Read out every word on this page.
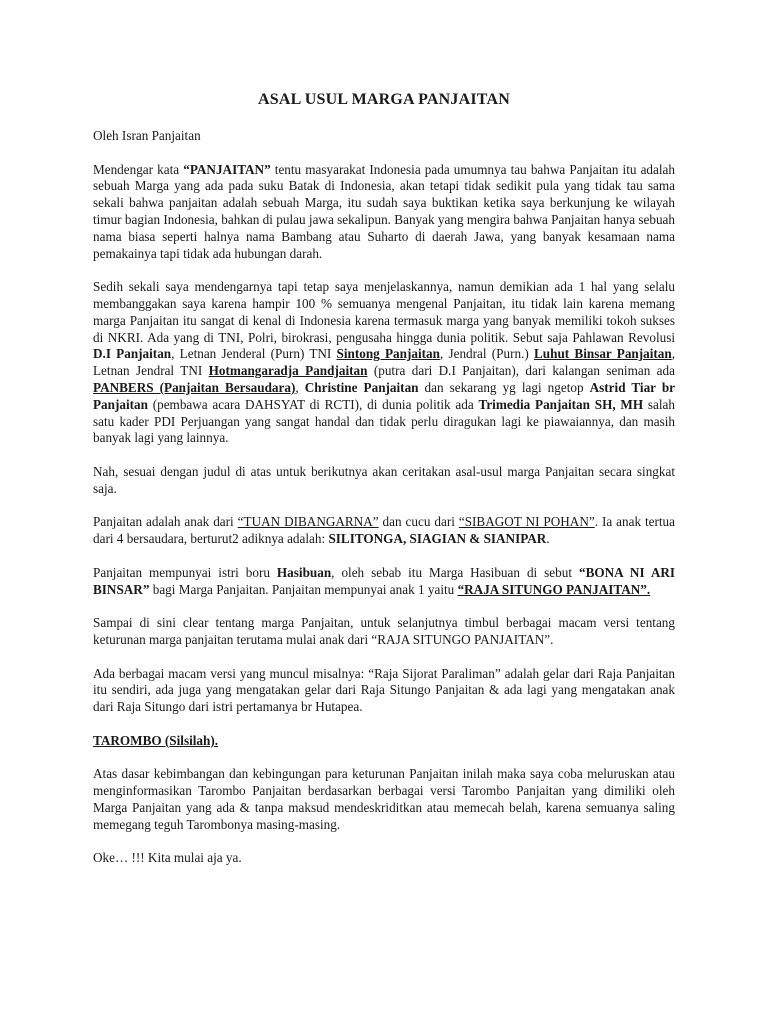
ASAL USUL MARGA PANJAITAN

Oleh Isran Panjaitan

Mendengar kata “PANJAITAN” tentu masyarakat Indonesia pada umumnya tau bahwa Panjaitan itu adalah sebuah Marga yang ada pada suku Batak di Indonesia, akan tetapi tidak sedikit pula yang tidak tau sama sekali bahwa panjaitan adalah sebuah Marga, itu sudah saya buktikan ketika saya berkunjung ke wilayah timur bagian Indonesia, bahkan di pulau jawa sekalipun. Banyak yang mengira bahwa Panjaitan hanya sebuah nama biasa seperti halnya nama Bambang atau Suharto di daerah Jawa, yang banyak kesamaan nama pemakainya tapi tidak ada hubungan darah.

Sedih sekali saya mendengarnya tapi tetap saya menjelaskannya, namun demikian ada 1 hal yang selalu membanggakan saya karena hampir 100 % semuanya mengenal Panjaitan, itu tidak lain karena memang marga Panjaitan itu sangat di kenal di Indonesia karena termasuk marga yang banyak memiliki tokoh sukses di NKRI. Ada yang di TNI, Polri, birokrasi, pengusaha hingga dunia politik. Sebut saja Pahlawan Revolusi D.I Panjaitan, Letnan Jenderal (Purn) TNI Sintong Panjaitan, Jendral (Purn.) Luhut Binsar Panjaitan, Letnan Jendral TNI Hotmangaradja Pandjaitan (putra dari D.I Panjaitan), dari kalangan seniman ada PANBERS (Panjaitan Bersaudara), Christine Panjaitan dan sekarang yg lagi ngetop Astrid Tiar br Panjaitan (pembawa acara DAHSYAT di RCTI), di dunia politik ada Trimedia Panjaitan SH, MH salah satu kader PDI Perjuangan yang sangat handal dan tidak perlu diragukan lagi ke piawaiannya, dan masih banyak lagi yang lainnya.

Nah, sesuai dengan judul di atas untuk berikutnya akan ceritakan asal-usul marga Panjaitan secara singkat saja.

Panjaitan adalah anak dari “TUAN DIBANGARNA” dan cucu dari “SIBAGOT NI POHAN”. Ia anak tertua dari 4 bersaudara, berturut2 adiknya adalah: SILITONGA, SIAGIAN & SIANIPAR.

Panjaitan mempunyai istri boru Hasibuan, oleh sebab itu Marga Hasibuan di sebut “BONA NI ARI BINSAR” bagi Marga Panjaitan. Panjaitan mempunyai anak 1 yaitu “RAJA SITUNGO PANJAITAN”.

Sampai di sini clear tentang marga Panjaitan, untuk selanjutnya timbul berbagai macam versi tentang keturunan marga panjaitan terutama mulai anak dari “RAJA SITUNGO PANJAITAN”.

Ada berbagai macam versi yang muncul misalnya: “Raja Sijorat Paraliman” adalah gelar dari Raja Panjaitan itu sendiri, ada juga yang mengatakan gelar dari Raja Situngo Panjaitan & ada lagi yang mengatakan anak dari Raja Situngo dari istri pertamanya br Hutapea.

TAROMBO (Silsilah).

Atas dasar kebimbangan dan kebingungan para keturunan Panjaitan inilah maka saya coba meluruskan atau menginformasikan Tarombo Panjaitan berdasarkan berbagai versi Tarombo Panjaitan yang dimiliki oleh Marga Panjaitan yang ada & tanpa maksud mendeskriditkan atau memecah belah, karena semuanya saling memegang teguh Tarombonya masing-masing.

Oke… !!! Kita mulai aja ya.
